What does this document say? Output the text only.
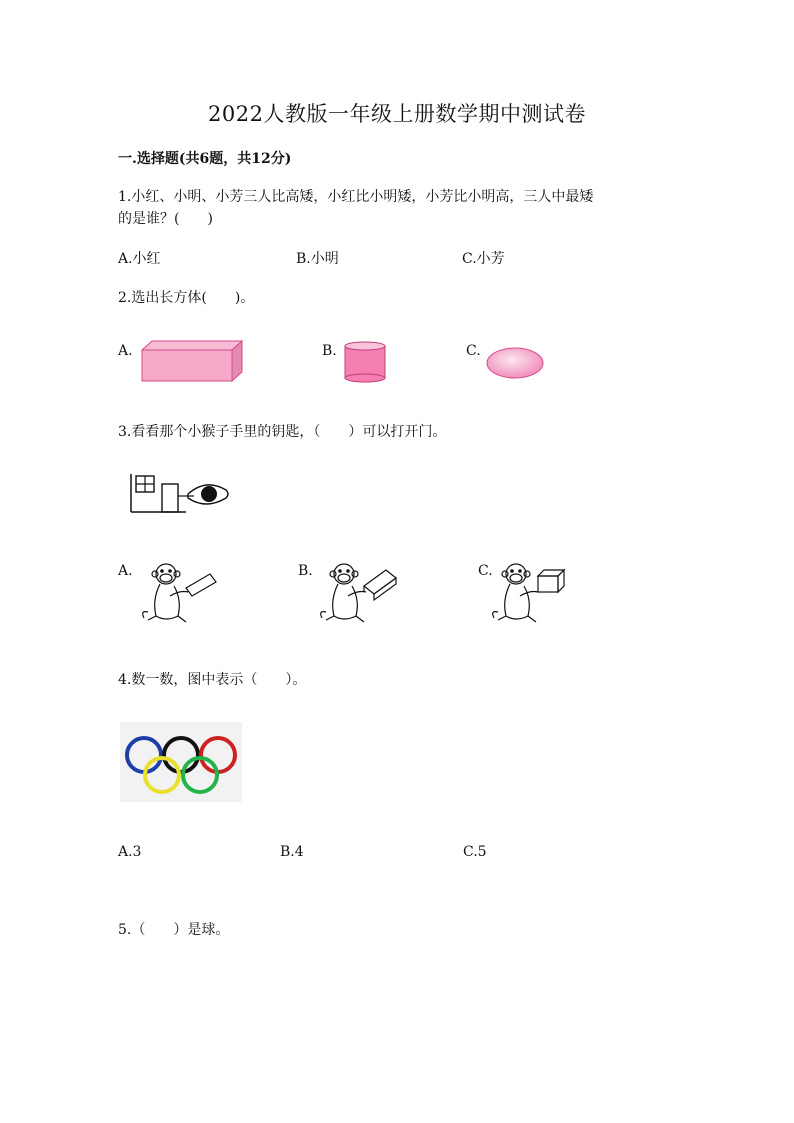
2022人教版一年级上册数学期中测试卷
一.选择题(共6题，共12分)
1.小红、小明、小芳三人比高矮，小红比小明矮，小芳比小明高，三人中最矮
的是谁？(　　)
A.小红	B.小明	C.小芳
2.选出长方体(　　)。
A.	B.	C.
3.看看那个小猴子手里的钥匙，（　　）可以打开门。
A.	B.	C.
4.数一数，图中表示（　　）。
A.3	B.4	C.5
5.（　　）是球。
